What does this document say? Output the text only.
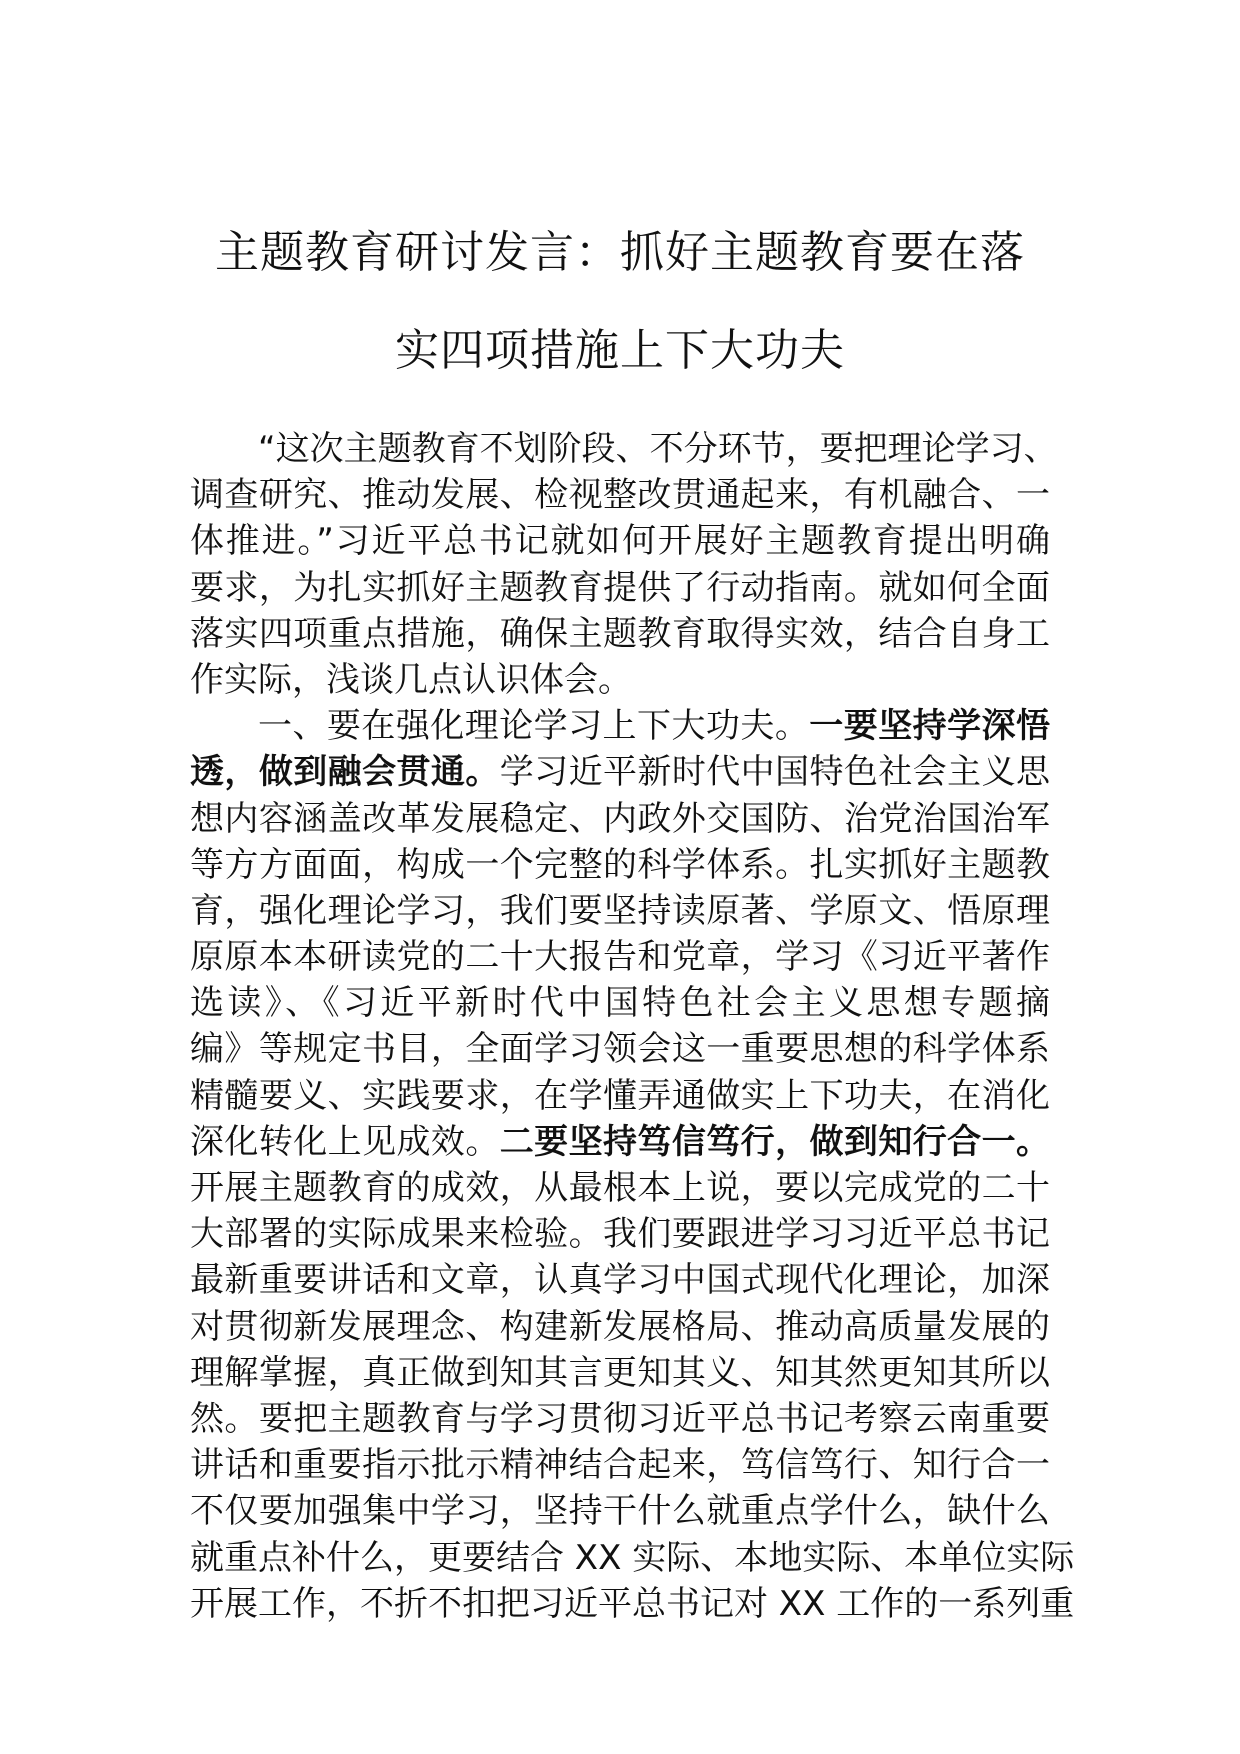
主题教育研讨发言：抓好主题教育要在落
实四项措施上下大功夫
“这次主题教育不划阶段、不分环节，要把理论学习、
调查研究、推动发展、检视整改贯通起来，有机融合、一
体推进。”习近平总书记就如何开展好主题教育提出明确
要求，为扎实抓好主题教育提供了行动指南。就如何全面
落实四项重点措施，确保主题教育取得实效，结合自身工
作实际，浅谈几点认识体会。
一、要在强化理论学习上下大功夫。一要坚持学深悟
透，做到融会贯通。学习近平新时代中国特色社会主义思
想内容涵盖改革发展稳定、内政外交国防、治党治国治军
等方方面面，构成一个完整的科学体系。扎实抓好主题教
育，强化理论学习，我们要坚持读原著、学原文、悟原理
原原本本研读党的二十大报告和党章，学习《习近平著作
选读》、《习近平新时代中国特色社会主义思想专题摘
编》等规定书目，全面学习领会这一重要思想的科学体系
精髓要义、实践要求，在学懂弄通做实上下功夫，在消化
深化转化上见成效。二要坚持笃信笃行，做到知行合一。
开展主题教育的成效，从最根本上说，要以完成党的二十
大部署的实际成果来检验。我们要跟进学习习近平总书记
最新重要讲话和文章，认真学习中国式现代化理论，加深
对贯彻新发展理念、构建新发展格局、推动高质量发展的
理解掌握，真正做到知其言更知其义、知其然更知其所以
然。要把主题教育与学习贯彻习近平总书记考察云南重要
讲话和重要指示批示精神结合起来，笃信笃行、知行合一
不仅要加强集中学习，坚持干什么就重点学什么，缺什么
就重点补什么，更要结合 XX 实际、本地实际、本单位实际
开展工作，不折不扣把习近平总书记对 XX 工作的一系列重
